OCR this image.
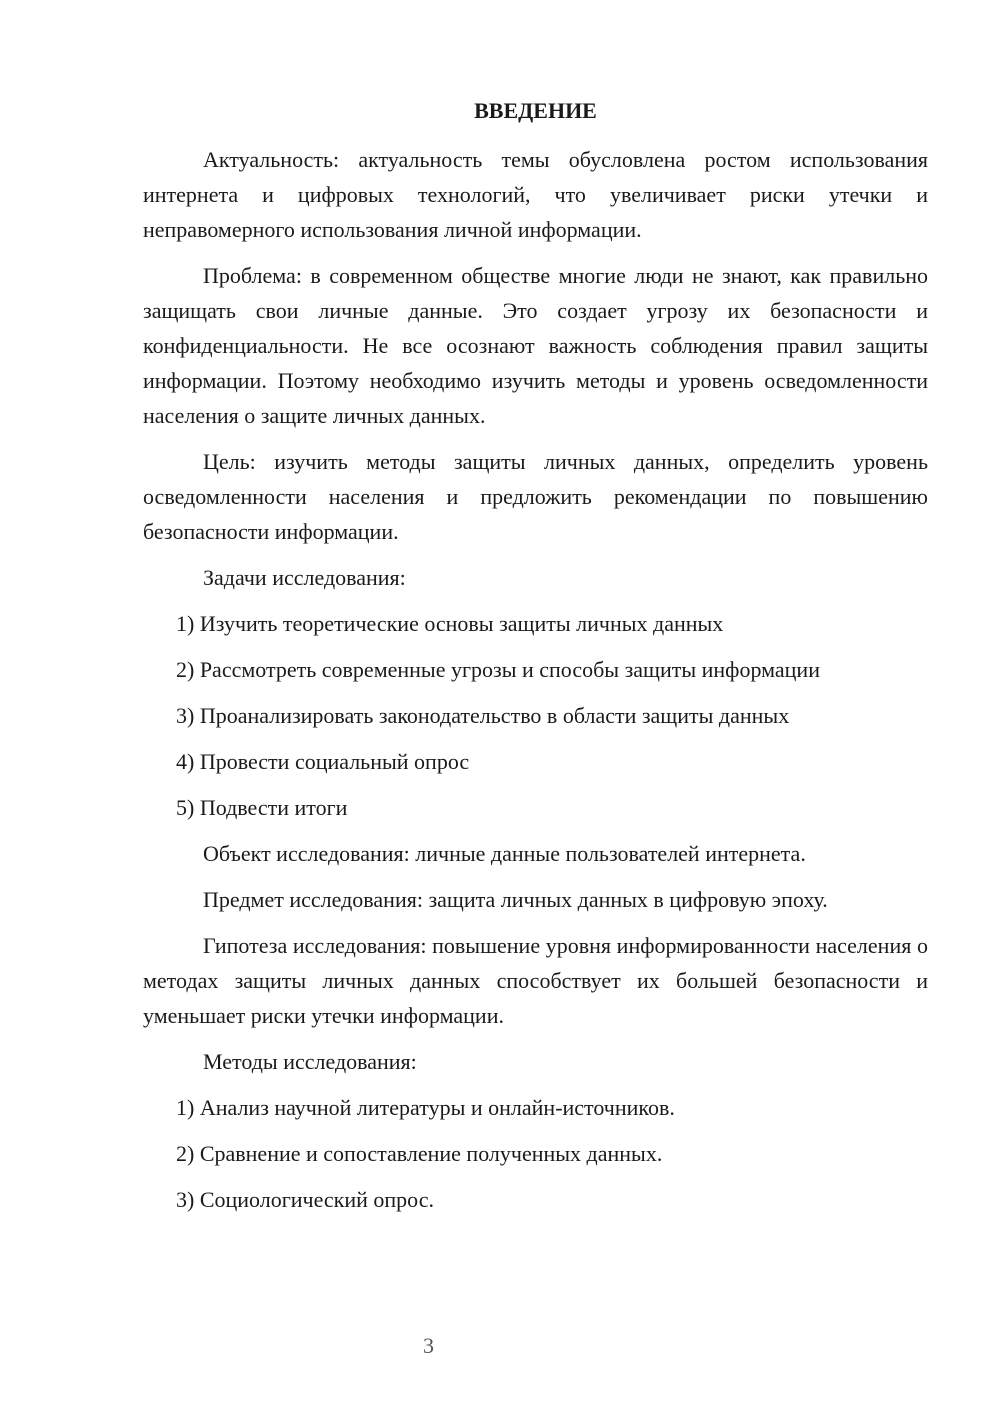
ВВЕДЕНИЕ

Актуальность: актуальность темы обусловлена ростом использования интернета и цифровых технологий, что увеличивает риски утечки и неправомерного использования личной информации.

Проблема: в современном обществе многие люди не знают, как правильно защищать свои личные данные. Это создает угрозу их безопасности и конфиденциальности. Не все осознают важность соблюдения правил защиты информации. Поэтому необходимо изучить методы и уровень осведомленности населения о защите личных данных.

Цель: изучить методы защиты личных данных, определить уровень осведомленности населения и предложить рекомендации по повышению безопасности информации.

Задачи исследования:

1) Изучить теоретические основы защиты личных данных

2) Рассмотреть современные угрозы и способы защиты информации

3) Проанализировать законодательство в области защиты данных

4) Провести социальный опрос

5) Подвести итоги

Объект исследования: личные данные пользователей интернета.

Предмет исследования: защита личных данных в цифровую эпоху.

Гипотеза исследования: повышение уровня информированности населения о методах защиты личных данных способствует их большей безопасности и уменьшает риски утечки информации.

Методы исследования:

1) Анализ научной литературы и онлайн-источников.

2) Сравнение и сопоставление полученных данных.

3) Социологический опрос.

3
